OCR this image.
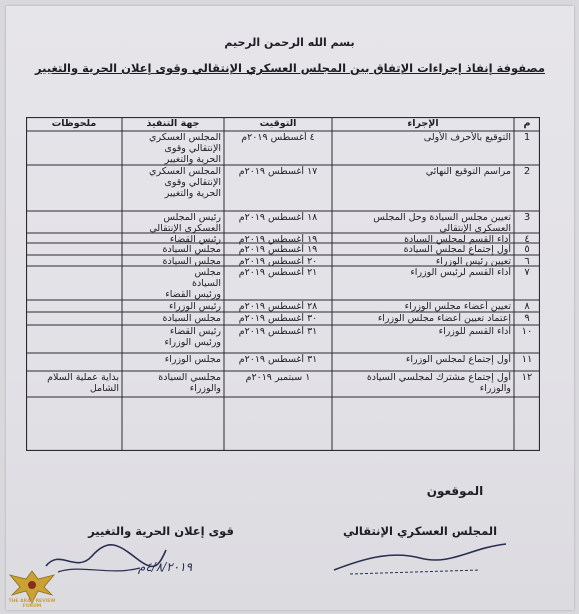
بسم الله الرحمن الرحيم
مصفوفة إنفاذ إجراءات الإتفاق بين المجلس العسكري الإنتقالي وقوى إعلان الحرية والتغيير
م
الإجراء
التوقيت
جهة التنفيذ
ملحوظات
1
التوقيع بالأحرف الأولى
٤ أغسطس ٢٠١٩م
المجلس العسكري
الإنتقالي وقوى
الحرية والتغيير
2
مراسم التوقيع النهائي
١٧ أغسطس ٢٠١٩م
المجلس العسكري
الإنتقالي وقوى
الحرية والتغيير
3
تعيين مجلس السيادة وحل المجلس
العسكري الإنتقالي
١٨ أغسطس ٢٠١٩م
رئيس المجلس
العسكري الإنتقالي
٤
أداء القسم لمجلس السيادة
١٩ أغسطس ٢٠١٩م
رئيس القضاء
٥
أول إجتماع لمجلس السيادة
١٩ أغسطس ٢٠١٩م
مجلس السيادة
٦
تعيين رئيس الوزراء
٢٠ أغسطس ٢٠١٩م
مجلس السيادة
٧
أداء القسم لرئيس الوزراء
٢١ أغسطس ٢٠١٩م
مجلس
السيادة
ورئيس القضاء
٨
تعيين أعضاء مجلس الوزراء
٢٨ أغسطس ٢٠١٩م
رئيس الوزراء
٩
إعتماد تعيين أعضاء مجلس الوزراء
٣٠ أغسطس ٢٠١٩م
مجلس السيادة
١٠
أداء القسم للوزراء
٣١ أغسطس ٢٠١٩م
رئيس القضاء
ورئيس الوزراء
١١
أول إجتماع لمجلس الوزراء
٣١ أغسطس ٢٠١٩م
مجلس الوزراء
١٢
أول إجتماع مشترك لمجلسي السيادة
والوزراء
١ سبتمبر ٢٠١٩م
مجلسي السيادة
والوزراء
بداية عملية السلام
الشامل
الموقعون
المجلس العسكري الإنتقالي
قوى إعلان الحرية والتغيير
٤/٨/٢٠١٩م
THE ARAB REVIEW FORUM
